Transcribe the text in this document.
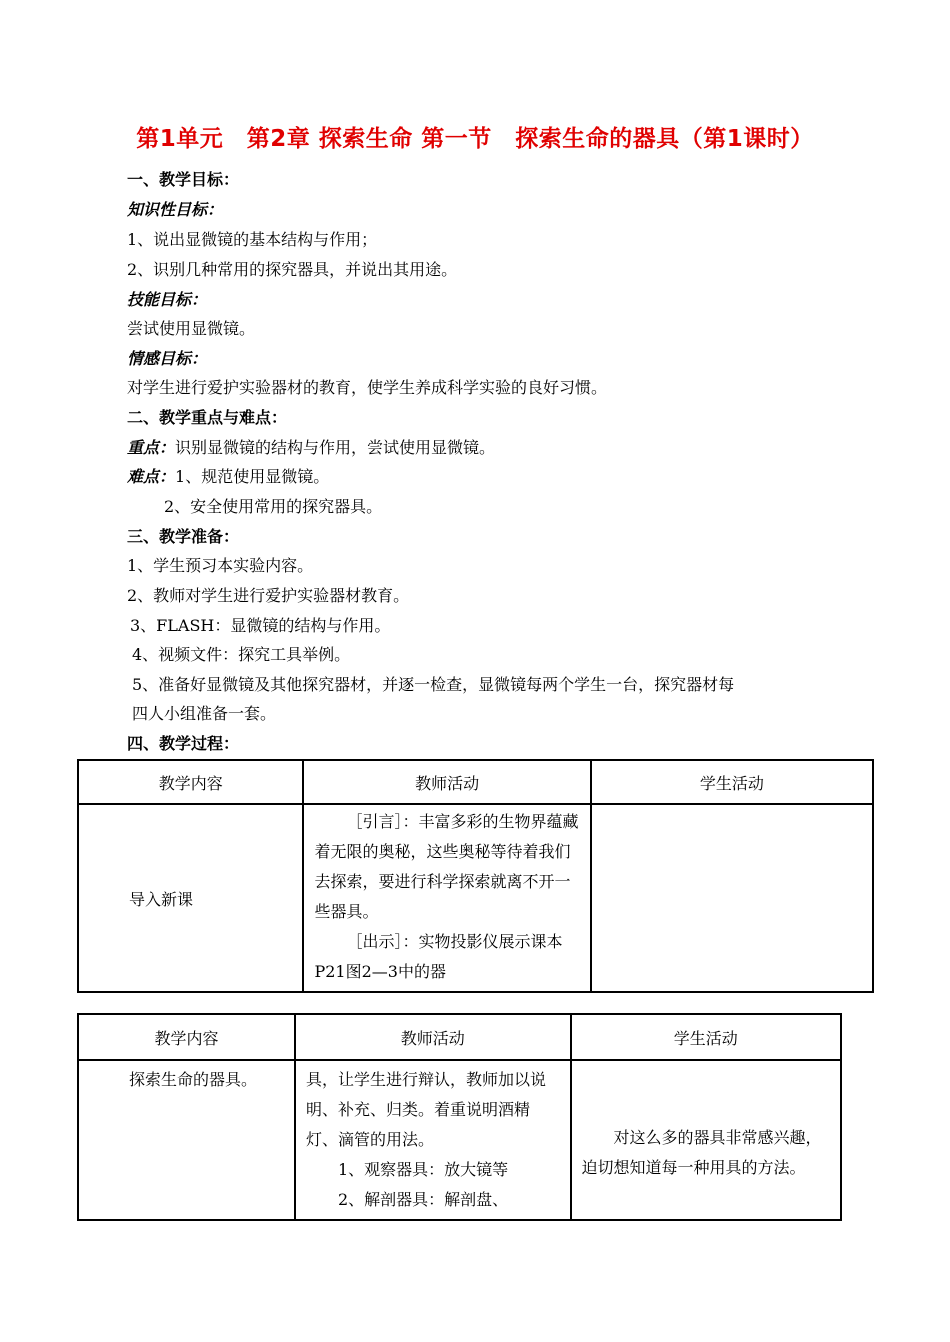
第1单元　第2章 探索生命 第一节　探索生命的器具（第1课时）
一、教学目标：
知识性目标：
1、说出显微镜的基本结构与作用；
2、识别几种常用的探究器具，并说出其用途。
技能目标：
尝试使用显微镜。
情感目标：
对学生进行爱护实验器材的教育，使学生养成科学实验的良好习惯。
二、教学重点与难点：
重点：识别显微镜的结构与作用，尝试使用显微镜。
难点：1、规范使用显微镜。
2、安全使用常用的探究器具。
三、教学准备：
1、学生预习本实验内容。
2、教师对学生进行爱护实验器材教育。
3、FLASH：显微镜的结构与作用。
4、视频文件：探究工具举例。
5、准备好显微镜及其他探究器材，并逐一检查，显微镜每两个学生一台，探究器材每
四人小组准备一套。
四、教学过程：
教学内容	教师活动	学生活动

导入新课	［引言］：丰富多彩的生物界蕴藏着无限的奥秘，这些奥秘等待着我们去探索，要进行科学探索就离不开一些器具。
［出示］：实物投影仪展示课本P21图2—3中的器	

教学内容	教师活动	学生活动

探索生命的器具。	具，让学生进行辩认，教师加以说明、补充、归类。着重说明酒精灯、滴管的用法。
1、观察器具：放大镜等
2、解剖器具：解剖盘、	对这么多的器具非常感兴趣，迫切想知道每一种用具的方法。
